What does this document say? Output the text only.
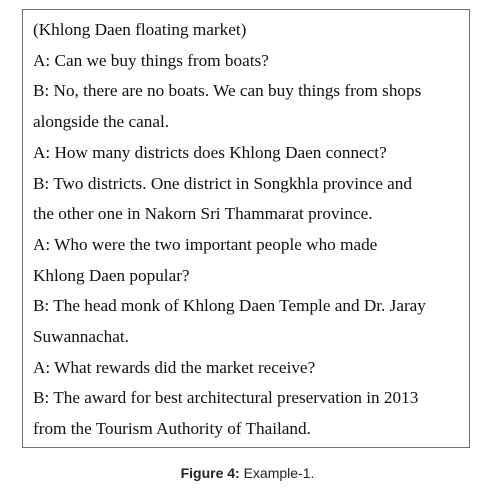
(Khlong Daen floating market)

A: Can we buy things from boats?

B: No, there are no boats. We can buy things from shops

alongside the canal.

A: How many districts does Khlong Daen connect?

B: Two districts. One district in Songkhla province and

the other one in Nakorn Sri Thammarat province.

A: Who were the two important people who made

Khlong Daen popular?

B: The head monk of Khlong Daen Temple and Dr. Jaray

Suwannachat.

A: What rewards did the market receive?

B: The award for best architectural preservation in 2013

from the Tourism Authority of Thailand.

Figure 4: Example-1.
